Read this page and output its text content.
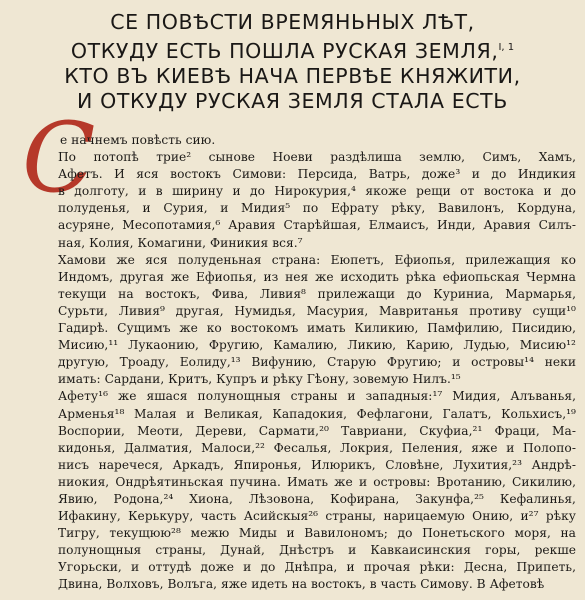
СЕ ПОВѢСТИ ВРЕМЯНЬНЫХ ЛѢТ,
ОТКУДУ ЕСТЬ ПОШЛА РУСКАЯ ЗЕМЛЯ,$^{I, 1}$
КТО ВЪ КИЕВѢ НАЧА ПЕРВѢЕ КНЯЖИТИ,
И ОТКУДУ РУСКАЯ ЗЕМЛЯ СТАЛА ЕСТЬ
С
е начнемъ повѣсть сию.
По потопѣ трие² сынове Ноеви раздѣлиша землю, Симъ, Хамъ,
Афетъ. И яся востокъ Симови: Персида, Ватрь, доже³ и до Индикия
в долготу, и в ширину и до Нирокурия,⁴ якоже рещи от востока и до
полуденья, и Сурия, и Мидия⁵ по Ефрату рѣку, Вавилонъ, Кордуна,
асуряне, Месопотамия,⁶ Аравия Старѣйшая, Елмаисъ, Инди, Аравия Силъ-
ная, Колия, Комагини, Финикия вся.⁷
Хамови же яся полуденьная страна: Еюпетъ, Ефиопья, прилежащия ко
Индомъ, другая же Ефиопья, из нея же исходить рѣка ефиопьская Чермна
текущи на востокъ, Фива, Ливия⁸ прилежащи до Куриниа, Мармарья,
Сурьти, Ливия⁹ другая, Нумидья, Масурия, Мавританья противу сущи¹⁰
Гадирѣ. Сущимъ же ко востокомъ имать Киликию, Памфилию, Писидию,
Мисию,¹¹ Лукаонию, Фругию, Камалию, Ликию, Карию, Лудью, Мисию¹²
другую, Троаду, Еолиду,¹³ Вифунию, Старую Фругию; и островы¹⁴ неки
имать: Сардани, Критъ, Купръ и рѣку Гѣону, зовемую Нилъ.¹⁵
Афету¹⁶ же яшася полунощныя страны и западныя:¹⁷ Мидия, Алъванья,
Арменья¹⁸ Малая и Великая, Кападокия, Фефлагони, Галатъ, Кольхисъ,¹⁹
Воспории, Меоти, Дереви, Сармати,²⁰ Тавриани, Скуфиа,²¹ Фраци, Ма-
кидонья, Далматия, Малоси,²² Фесалья, Локрия, Пеления, яже и Полопо-
нисъ наречеся, Аркадъ, Япиронья, Илюрикъ, Словѣне, Лухития,²³ Андрѣ-
ниокия, Ондрѣятиньская пучина. Имать же и островы: Вротанию, Сикилию,
Явию, Родона,²⁴ Хиона, Лѣзовона, Кофирана, Закунфа,²⁵ Кефалинья,
Ифакину, Керькуру, часть Асийскыя²⁶ страны, нарицаемую Онию, и²⁷ рѣку
Тигру, текущюю²⁸ межю Миды и Вавилономъ; до Понетьского моря, на
полунощныя страны, Дунай, Днѣстръ и Кавкаисинския горы, рекше
Угорьски, и оттудѣ доже и до Днѣпра, и прочая рѣки: Десна, Припеть,
Двина, Волховъ, Волъга, яже идеть на востокъ, в часть Симову. В Афетовѣ
